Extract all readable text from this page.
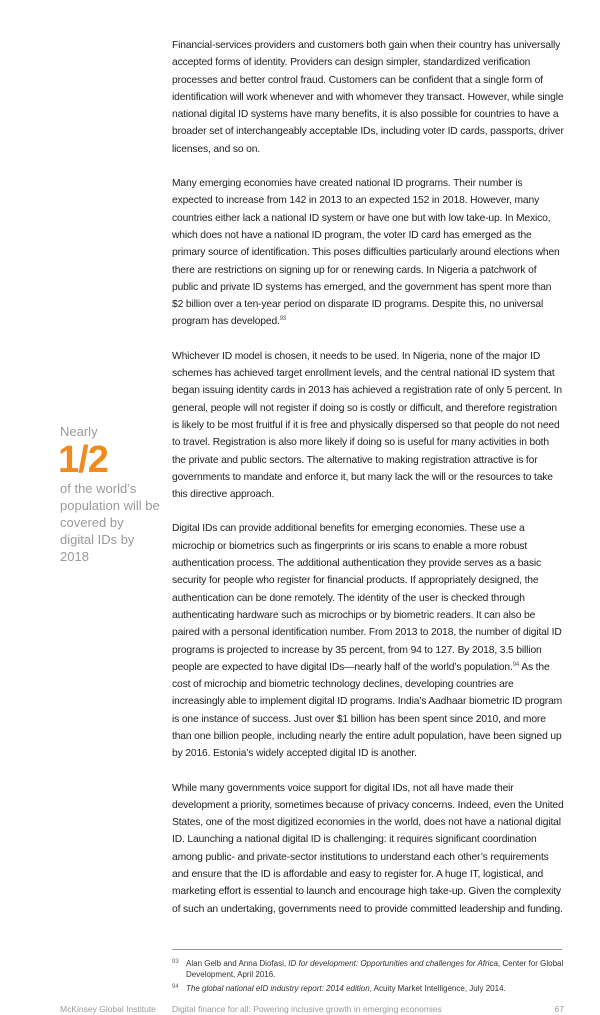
Financial-services providers and customers both gain when their country has universally accepted forms of identity. Providers can design simpler, standardized verification processes and better control fraud. Customers can be confident that a single form of identification will work whenever and with whomever they transact. However, while single national digital ID systems have many benefits, it is also possible for countries to have a broader set of interchangeably acceptable IDs, including voter ID cards, passports, driver licenses, and so on.

Many emerging economies have created national ID programs. Their number is expected to increase from 142 in 2013 to an expected 152 in 2018. However, many countries either lack a national ID system or have one but with low take-up. In Mexico, which does not have a national ID program, the voter ID card has emerged as the primary source of identification. This poses difficulties particularly around elections when there are restrictions on signing up for or renewing cards. In Nigeria a patchwork of public and private ID systems has emerged, and the government has spent more than $2 billion over a ten-year period on disparate ID programs. Despite this, no universal program has developed.$^{93}$

Whichever ID model is chosen, it needs to be used. In Nigeria, none of the major ID schemes has achieved target enrollment levels, and the central national ID system that began issuing identity cards in 2013 has achieved a registration rate of only 5 percent. In general, people will not register if doing so is costly or difficult, and therefore registration is likely to be most fruitful if it is free and physically dispersed so that people do not need to travel. Registration is also more likely if doing so is useful for many activities in both the private and public sectors. The alternative to making registration attractive is for governments to mandate and enforce it, but many lack the will or the resources to take this directive approach.

Digital IDs can provide additional benefits for emerging economies. These use a microchip or biometrics such as fingerprints or iris scans to enable a more robust authentication process. The additional authentication they provide serves as a basic security for people who register for financial products. If appropriately designed, the authentication can be done remotely. The identity of the user is checked through authenticating hardware such as microchips or by biometric readers. It can also be paired with a personal identification number. From 2013 to 2018, the number of digital ID programs is projected to increase by 35 percent, from 94 to 127. By 2018, 3.5 billion people are expected to have digital IDs—nearly half of the world’s population.$^{94}$ As the cost of microchip and biometric technology declines, developing countries are increasingly able to implement digital ID programs. India’s Aadhaar biometric ID program is one instance of success. Just over $1 billion has been spent since 2010, and more than one billion people, including nearly the entire adult population, have been signed up by 2016. Estonia’s widely accepted digital ID is another.

While many governments voice support for digital IDs, not all have made their development a priority, sometimes because of privacy concerns. Indeed, even the United States, one of the most digitized economies in the world, does not have a national digital ID. Launching a national digital ID is challenging: it requires significant coordination among public- and private-sector institutions to understand each other’s requirements and ensure that the ID is affordable and easy to register for. A huge IT, logistical, and marketing effort is essential to launch and encourage high take-up. Given the complexity of such an undertaking, governments need to provide committed leadership and funding.

93 Alan Gelb and Anna Diofasi, ID for development: Opportunities and challenges for Africa, Center for Global Development, April 2016.
94 The global national eID industry report: 2014 edition, Acuity Market Intelligence, July 2014.
McKinsey Global Institute	Digital finance for all: Powering inclusive growth in emerging economies	67
Nearly
1/2
of the world’s population will be covered by digital IDs by 2018
